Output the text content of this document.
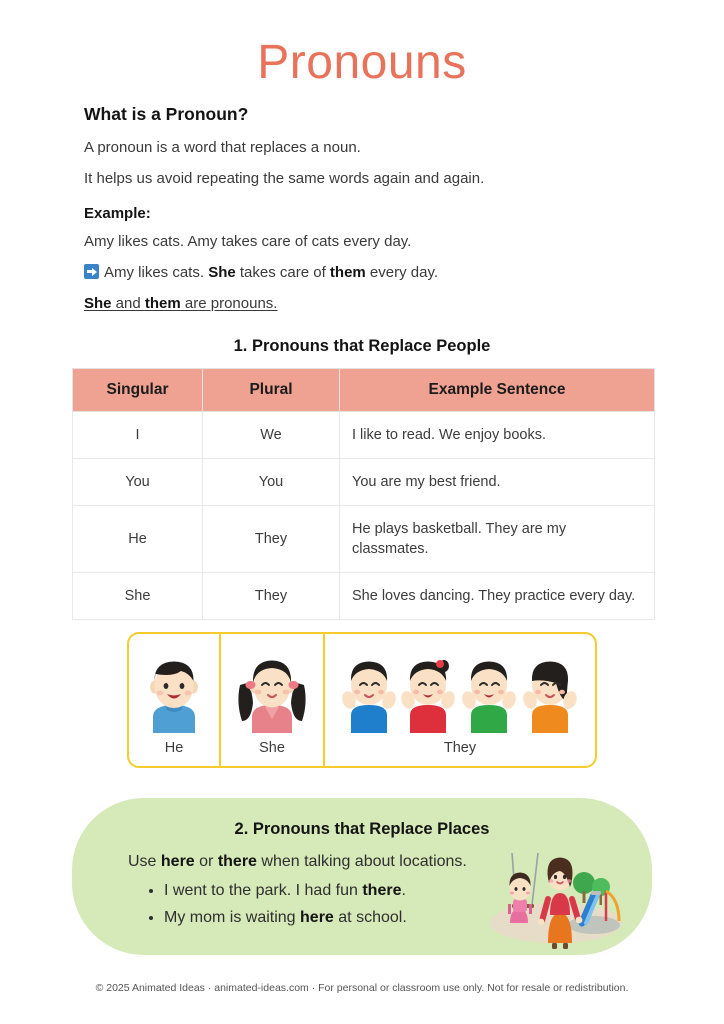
Pronouns
What is a Pronoun?

A pronoun is a word that replaces a noun.

It helps us avoid repeating the same words again and again.

Example:

Amy likes cats. Amy takes care of cats every day.

Amy likes cats. She takes care of them every day.

She and them are pronouns.

1. Pronouns that Replace People
Singular	Plural	Example Sentence
I	We	I like to read. We enjoy books.
You	You	You are my best friend.
He	They	He plays basketball. They are my classmates.
She	They	She loves dancing. They practice every day.
He	She	They
2. Pronouns that Replace Places

Use here or there when talking about locations.

• I went to the park. I had fun there.
• My mom is waiting here at school.
© 2025 Animated Ideas · animated-ideas.com · For personal or classroom use only. Not for resale or redistribution.
